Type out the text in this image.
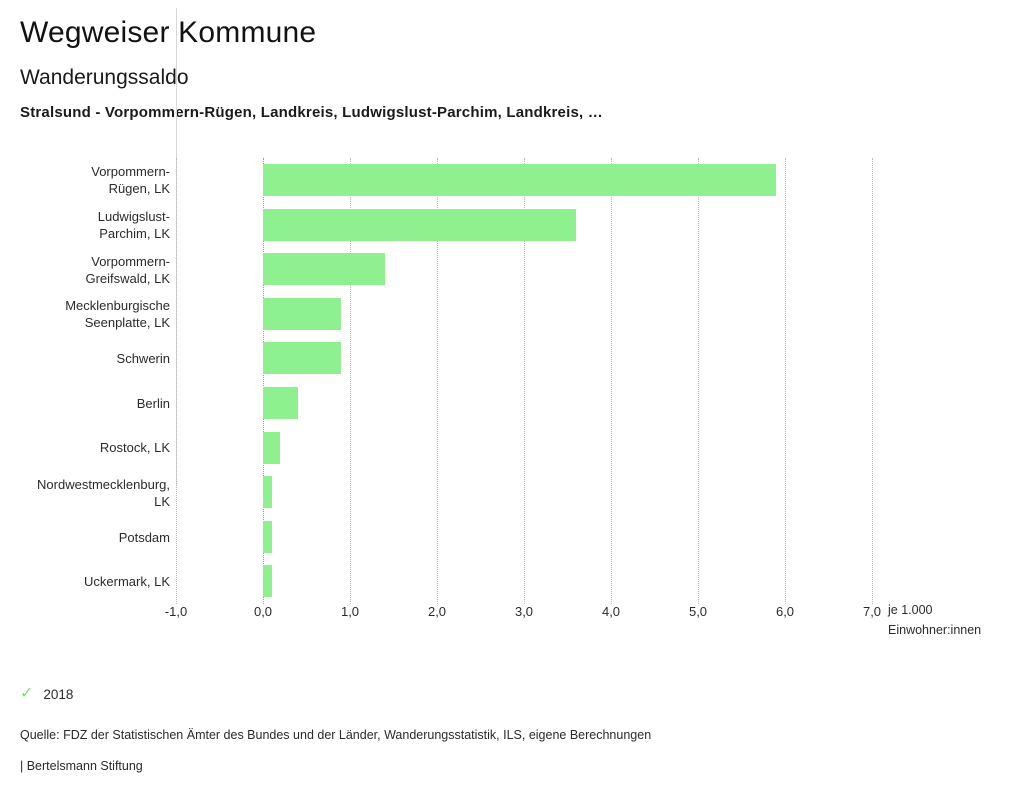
Wegweiser Kommune
Wanderungssaldo
Stralsund - Vorpommern-Rügen, Landkreis, Ludwigslust-Parchim, Landkreis, …
Vorpommern-
Rügen, LK
Ludwigslust-
Parchim, LK
Vorpommern-
Greifswald, LK
Mecklenburgische
Seenplatte, LK
Schwerin
Berlin
Rostock, LK
Nordwestmecklenburg,
LK
Potsdam
Uckermark, LK
-1,0	0,0	1,0	2,0	3,0	4,0	5,0	6,0	7,0 je 1.000
Einwohner:innen
✓ 2018
Quelle: FDZ der Statistischen Ämter des Bundes und der Länder, Wanderungsstatistik, ILS, eigene Berechnungen
| Bertelsmann Stiftung
